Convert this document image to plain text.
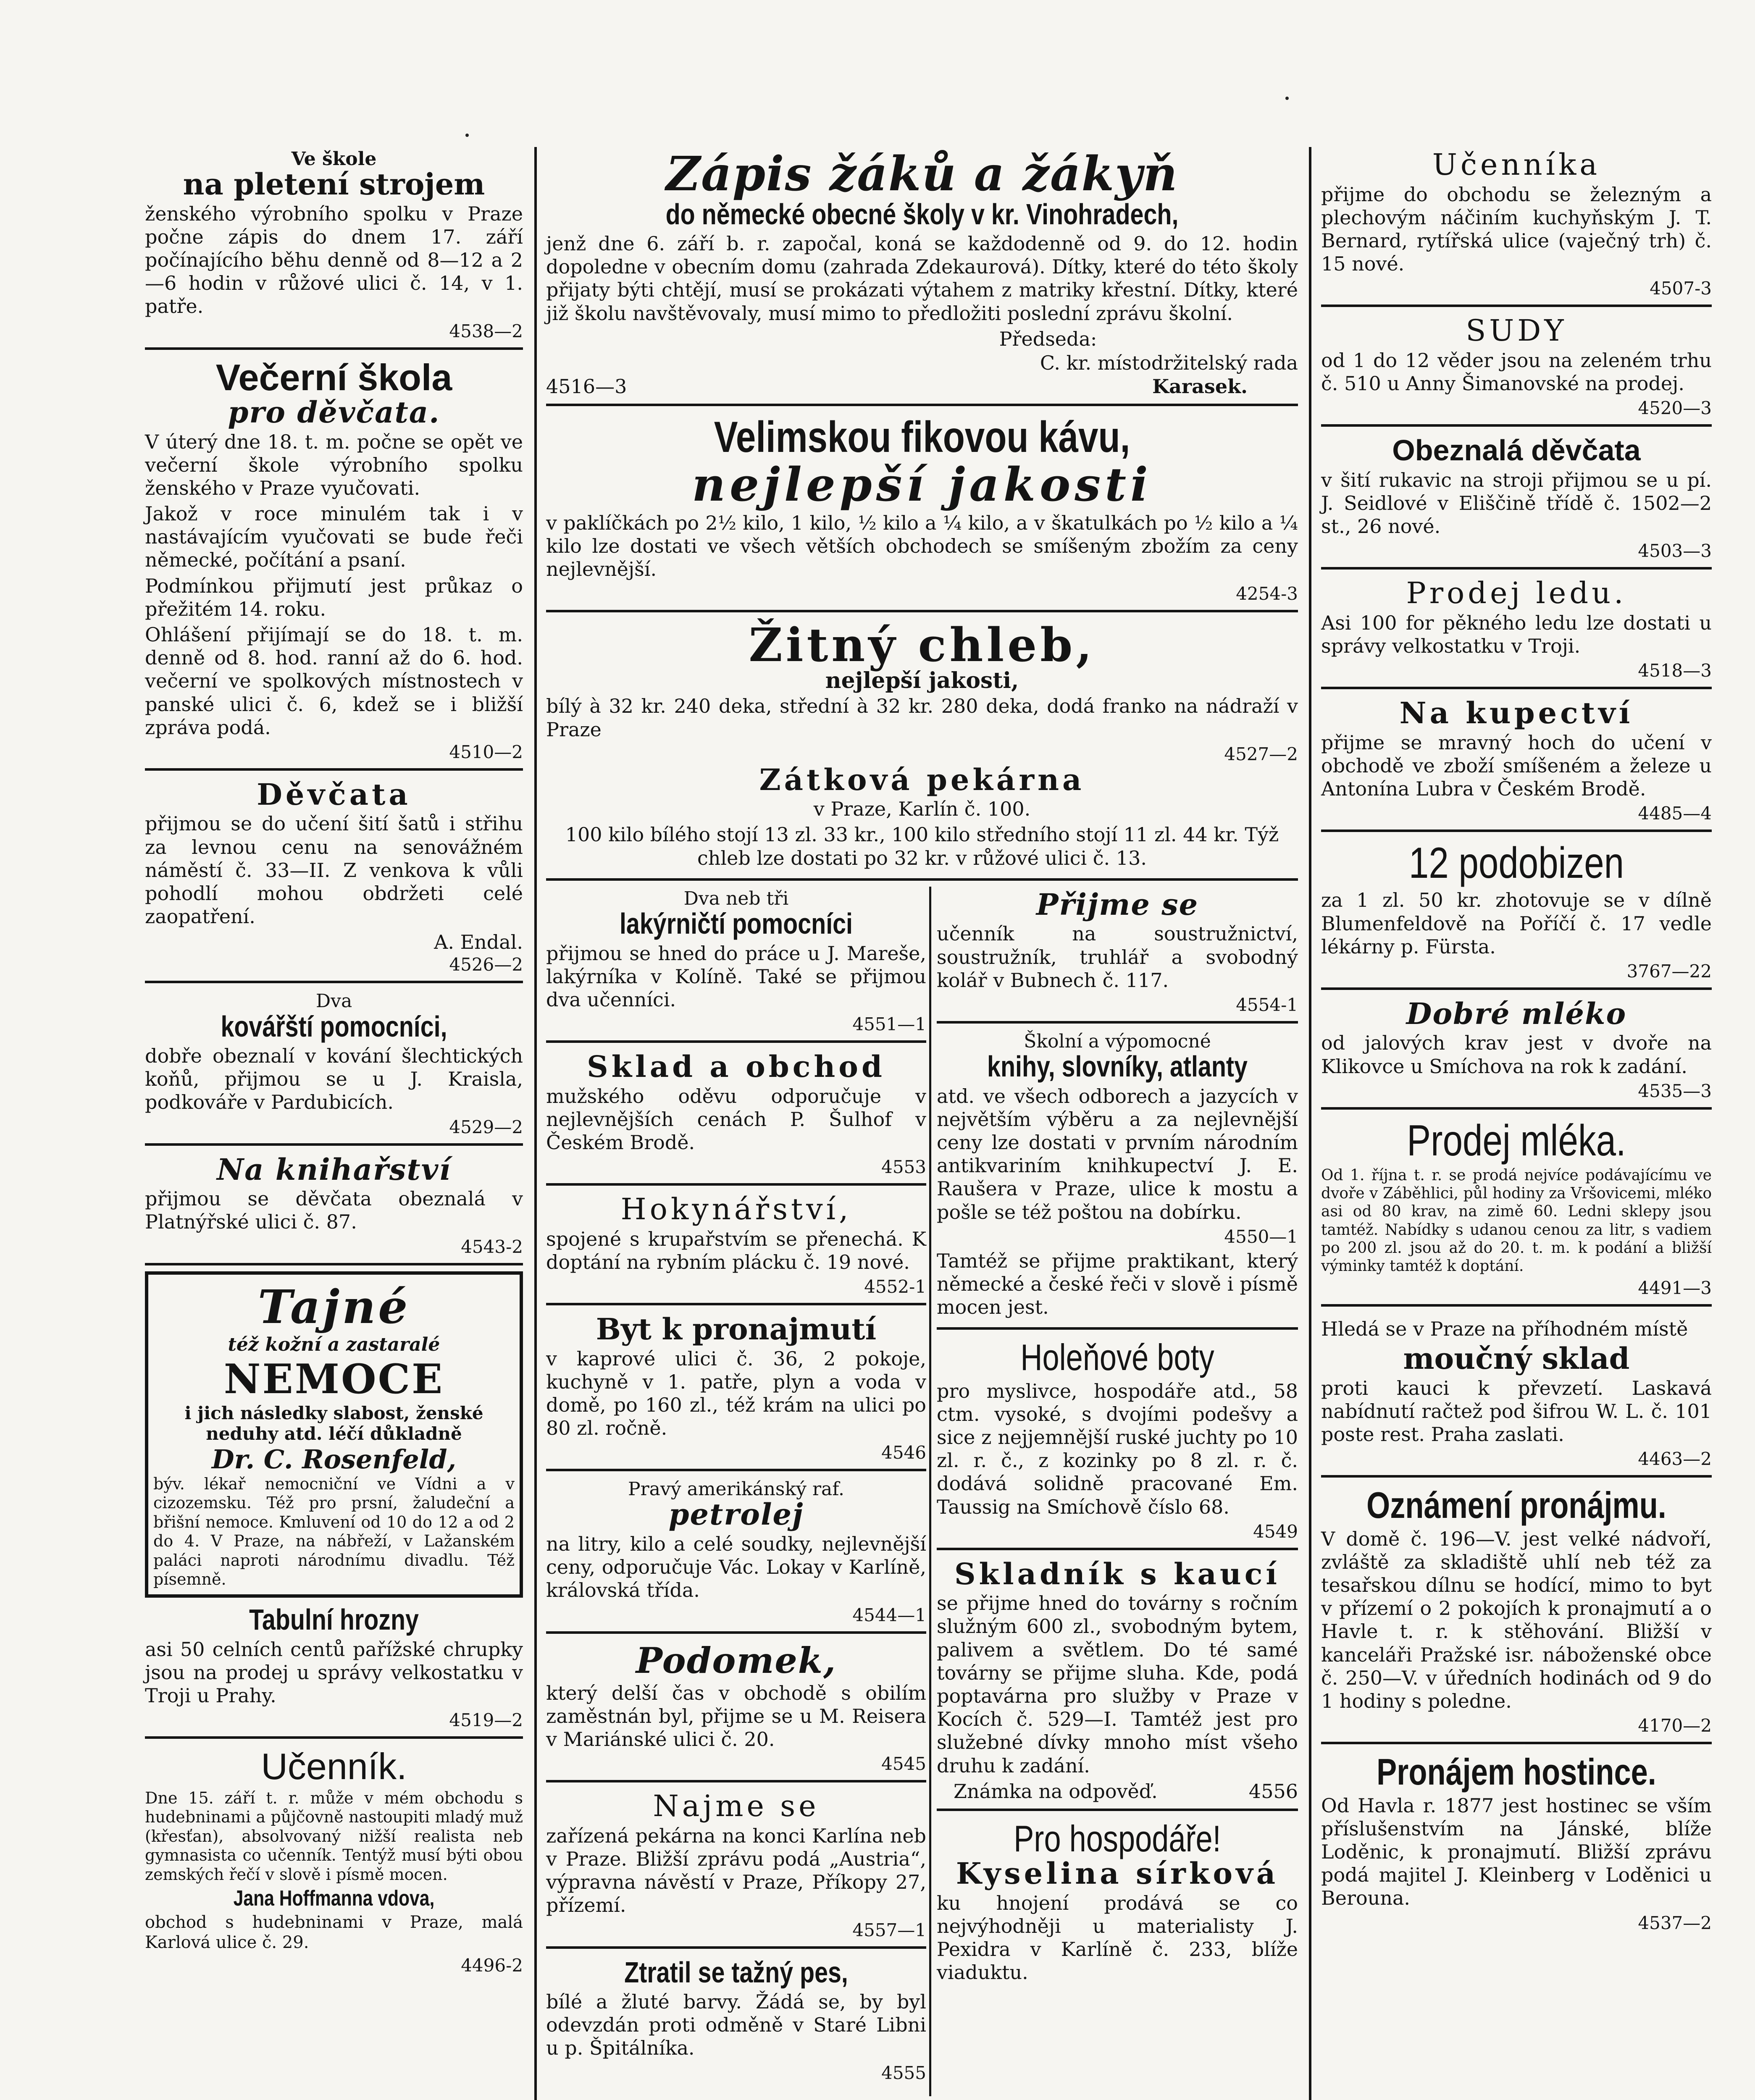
Ve škole

na pletení strojem

ženského výrobního spolku v Praze počne zápis do dnem 17. září počínajícího běhu denně od 8—12 a 2—6 hodin v růžové ulici č. 14, v 1. patře.

4538—2

Večerní škola

pro děvčata.

V úterý dne 18. t. m. počne se opět ve večerní škole výrobního spolku ženského v Praze vyučovati.

Jakož v roce minulém tak i v nastávajícím vyučovati se bude řeči německé, počítání a psaní.

Podmínkou přijmutí jest průkaz o přežitém 14. roku.

Ohlášení přijímají se do 18. t. m. denně od 8. hod. ranní až do 6. hod. večerní ve spolkových místnostech v panské ulici č. 6, kdež se i bližší zpráva podá.

4510—2

Děvčata

přijmou se do učení šití šatů i střihu za levnou cenu na senovážném náměstí č. 33—II. Z venkova k vůli pohodlí mohou obdržeti celé zaopatření.

A. Endal.

4526—2

Dva

kovářští pomocníci,

dobře obeznalí v kování šlechtických koňů, přijmou se u J. Kraisla, podkováře v Pardubicích.

4529—2

Na knihařství

přijmou se děvčata obeznalá v Platnýřské ulici č. 87.

4543-2

Tajné
též kožní a zastaralé
NEMOCE
i jich následky slabost, ženské neduhy atd. léčí důkladně
Dr. C. Rosenfeld,
býv. lékař nemocniční ve Vídni a v cizozemsku. Též pro prsní, žaludeční a břišní nemoce. Kmluvení od 10 do 12 a od 2 do 4. V Praze, na nábřeží, v Lažanském paláci naproti národnímu divadlu. Též písemně.

Tabulní hrozny

asi 50 celních centů pařížské chrupky jsou na prodej u správy velkostatku v Troji u Prahy.

4519—2

Učenník.

Dne 15. září t. r. může v mém obchodu s hudebninami a půjčovně nastoupiti mladý muž (křesťan), absolvovaný nižší realista neb gymnasista co učenník. Tentýž musí býti obou zemských řečí v slově i písmě mocen.

Jana Hoffmanna vdova,

obchod s hudebninami v Praze, malá Karlová ulice č. 29.

4496-2

Zápis žáků a žákyň

do německé obecné školy v kr. Vinohradech,

jenž dne 6. září b. r. započal, koná se každodenně od 9. do 12. hodin dopoledne v obecním domu (zahrada Zdekaurová). Dítky, které do této školy přijaty býti chtějí, musí se prokázati výtahem z matriky křestní. Dítky, které již školu navštěvovaly, musí mimo to předložiti poslední zprávu školní.

Předseda:

C. kr. místodržitelský rada

4516—3	Karasek.

Velimskou fikovou kávu,

nejlepší jakosti

v paklíčkách po 2½ kilo, 1 kilo, ½ kilo a ¼ kilo, a v škatulkách po ½ kilo a ¼ kilo lze dostati ve všech větších obchodech se smíšeným zbožím za ceny nejlevnější.

4254-3

Žitný chleb,

nejlepší jakosti,

bílý à 32 kr. 240 deka, střední à 32 kr. 280 deka, dodá franko na nádraží v Praze

4527—2

Zátková pekárna

v Praze, Karlín č. 100.

100 kilo bílého stojí 13 zl. 33 kr., 100 kilo středního stojí 11 zl. 44 kr. Týž chleb lze dostati po 32 kr. v růžové ulici č. 13.

Dva neb tři

lakýrničtí pomocníci

přijmou se hned do práce u J. Mareše, lakýrníka v Kolíně. Také se přijmou dva učenníci.

4551—1

Sklad a obchod

mužského oděvu odporučuje v nejlevnějších cenách P. Šulhof v Českém Brodě.

4553

Hokynářství,

spojené s krupařstvím se přenechá. K doptání na rybním plácku č. 19 nové.

4552-1

Byt k pronajmutí

v kaprové ulici č. 36, 2 pokoje, kuchyně v 1. patře, plyn a voda v domě, po 160 zl., též krám na ulici po 80 zl. ročně.

4546

Pravý amerikánský raf.

petrolej

na litry, kilo a celé soudky, nejlevnější ceny, odporučuje Vác. Lokay v Karlíně, královská třída.

4544—1

Podomek,

který delší čas v obchodě s obilím zaměstnán byl, přijme se u M. Reisera v Mariánské ulici č. 20.

4545

Najme se

zařízená pekárna na konci Karlína neb v Praze. Bližší zprávu podá „Austria“, výpravna návěstí v Praze, Příkopy 27, přízemí.

4557—1

Ztratil se tažný pes,

bílé a žluté barvy. Žádá se, by byl odevzdán proti odměně v Staré Libni u p. Špitálníka.

4555

Přijme se

učenník na soustružnictví, soustružník, truhlář a svobodný kolář v Bubnech č. 117.

4554-1

Školní a výpomocné

knihy, slovníky, atlanty

atd. ve všech odborech a jazycích v největším výběru a za nejlevnější ceny lze dostati v prvním národním antikvariním knihkupectví J. E. Raušera v Praze, ulice k mostu a pošle se též poštou na dobírku.

4550—1

Tamtéž se přijme praktikant, který německé a české řeči v slově i písmě mocen jest.

Holeňové boty

pro myslivce, hospodáře atd., 58 ctm. vysoké, s dvojími podešvy a sice z nejjemnější ruské juchty po 10 zl. r. č., z kozinky po 8 zl. r. č. dodává solidně pracované Em. Taussig na Smíchově číslo 68.

4549

Skladník s kaucí

se přijme hned do továrny s ročním služným 600 zl., svobodným bytem, palivem a světlem. Do té samé továrny se přijme sluha. Kde, podá poptavárna pro služby v Praze v Kocích č. 529—I. Tamtéž jest pro služebné dívky mnoho míst všeho druhu k zadání.

Známka na odpověď.	4556

Pro hospodáře!

Kyselina sírková

ku hnojení prodává se co nejvýhodněji u materialisty J. Pexidra v Karlíně č. 233, blíže viaduktu.

Učenníka

přijme do obchodu se železným a plechovým náčiním kuchyňským J. T. Bernard, rytířská ulice (vaječný trh) č. 15 nové.

4507-3

SUDY

od 1 do 12 věder jsou na zeleném trhu č. 510 u Anny Šimanovské na prodej.

4520—3

Obeznalá děvčata

v šití rukavic na stroji přijmou se u pí. J. Seidlové v Eliščině třídě č. 1502—2 st., 26 nové.

4503—3

Prodej ledu.

Asi 100 for pěkného ledu lze dostati u správy velkostatku v Troji.

4518—3

Na kupectví

přijme se mravný hoch do učení v obchodě ve zboží smíšeném a železe u Antonína Lubra v Českém Brodě.

4485—4

12 podobizen

za 1 zl. 50 kr. zhotovuje se v dílně Blumenfeldově na Poříčí č. 17 vedle lékárny p. Fürsta.

3767—22

Dobré mléko

od jalových krav jest v dvoře na Klikovce u Smíchova na rok k zadání.

4535—3

Prodej mléka.

Od 1. října t. r. se prodá nejvíce podávajícímu ve dvoře v Záběhlici, půl hodiny za Vršovicemi, mléko asi od 80 krav, na zimě 60. Ledni sklepy jsou tamtéž. Nabídky s udanou cenou za litr, s vadiem po 200 zl. jsou až do 20. t. m. k podání a bližší výminky tamtéž k doptání.

4491—3

Hledá se v Praze na příhodném místě

moučný sklad

proti kauci k převzetí. Laskavá nabídnutí račtež pod šifrou W. L. č. 101 poste rest. Praha zaslati.

4463—2

Oznámení pronájmu.

V domě č. 196—V. jest velké nádvoří, zvláště za skladiště uhlí neb též za tesařskou dílnu se hodící, mimo to byt v přízemí o 2 pokojích k pronajmutí a o Havle t. r. k stěhování. Bližší v kanceláři Pražské isr. náboženské obce č. 250—V. v úředních hodinách od 9 do 1 hodiny s poledne.

4170—2

Pronájem hostince.

Od Havla r. 1877 jest hostinec se vším příslušenstvím na Jánské, blíže Loděnic, k pronajmutí. Bližší zprávu podá majitel J. Kleinberg v Loděnici u Berouna.

4537—2
